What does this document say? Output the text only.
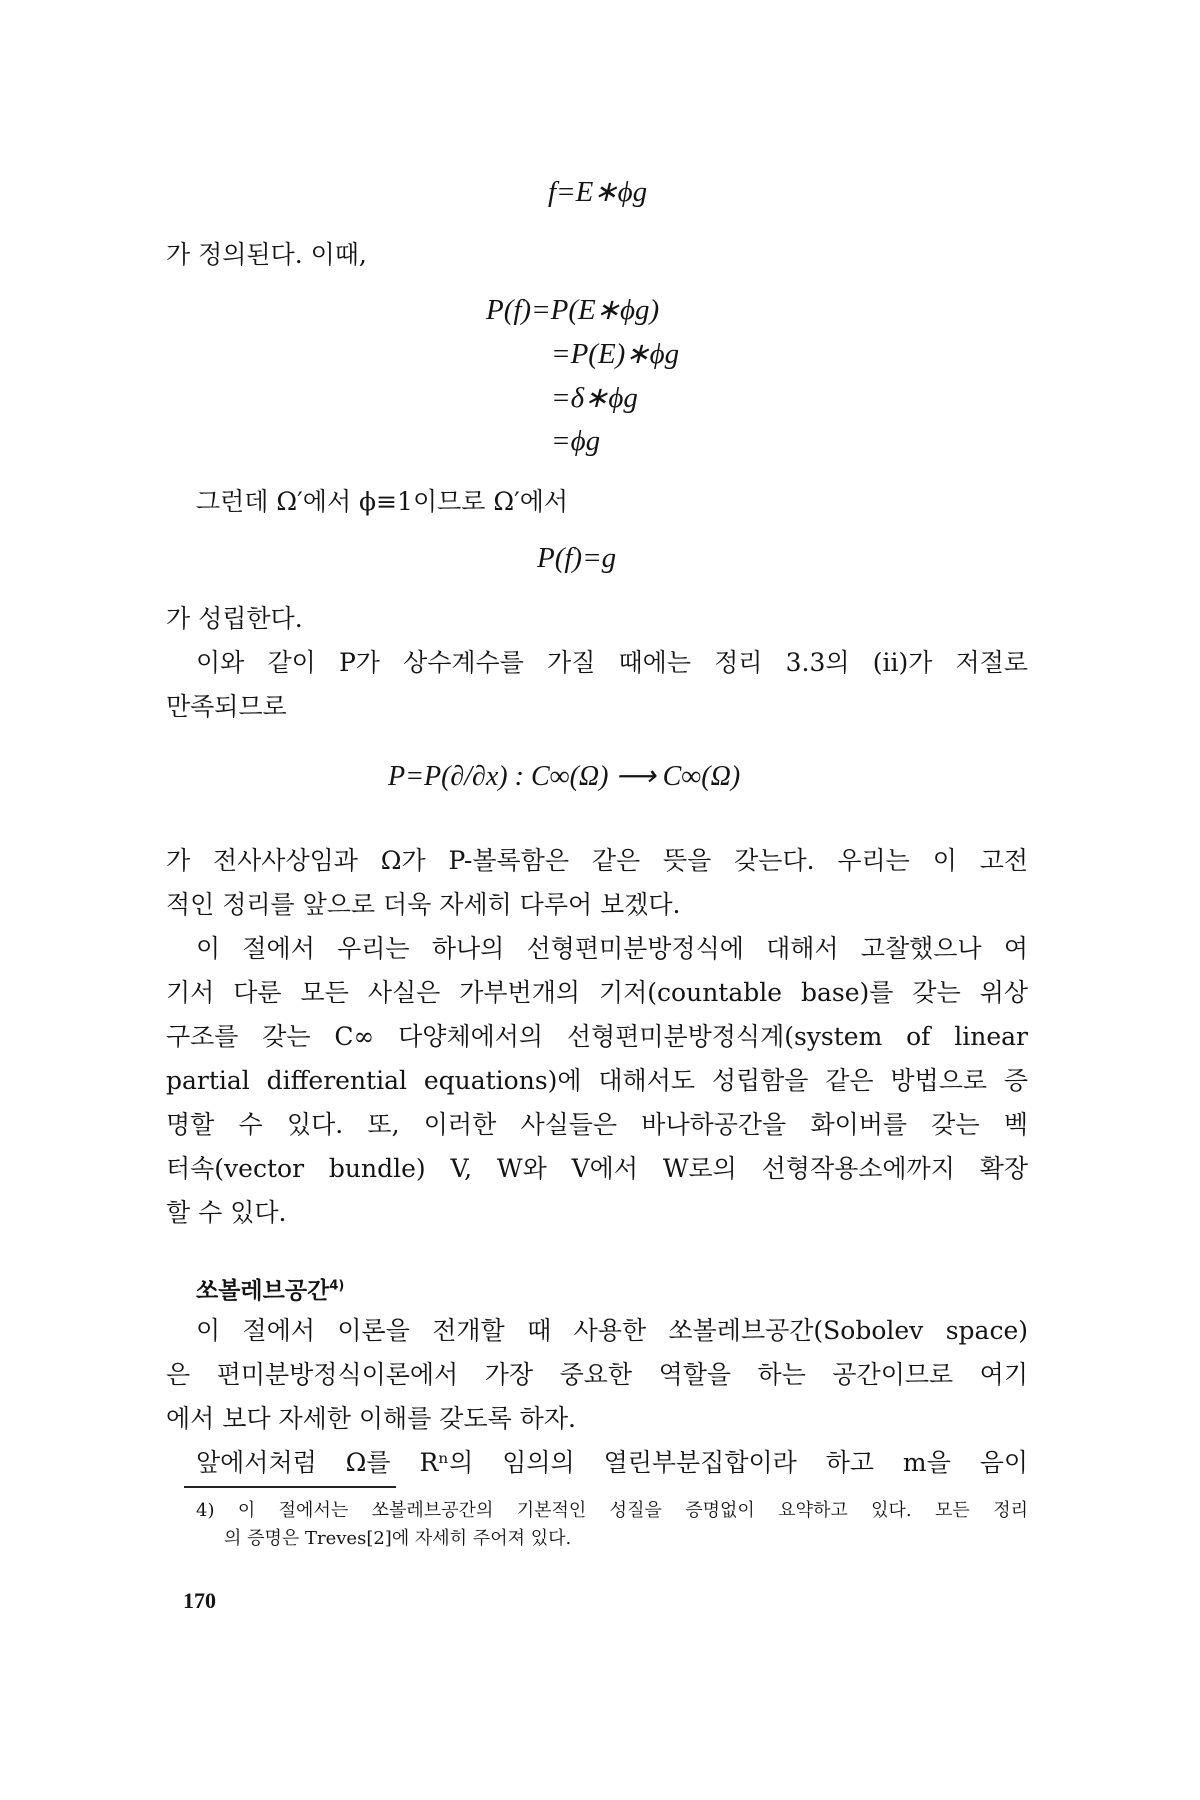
f=E∗ϕg
가 정의된다. 이때,
P(f)=P(E∗ϕg)
=P(E)∗ϕg
=δ∗ϕg
=ϕg
그런데 Ω′에서 ϕ≡1이므로 Ω′에서
P(f)=g
가 성립한다.
이와 같이 P가 상수계수를 가질 때에는 정리 3.3의 (ii)가 저절로
만족되므로
P=P(∂/∂x) : C∞(Ω) ⟶ C∞(Ω)
가 전사사상임과 Ω가 P-볼록함은 같은 뜻을 갖는다. 우리는 이 고전
적인 정리를 앞으로 더욱 자세히 다루어 보겠다.
이 절에서 우리는 하나의 선형편미분방정식에 대해서 고찰했으나 여
기서 다룬 모든 사실은 가부번개의 기저(countable base)를 갖는 위상
구조를 갖는 C∞ 다양체에서의 선형편미분방정식계(system of linear
partial differential equations)에 대해서도 성립함을 같은 방법으로 증
명할 수 있다. 또, 이러한 사실들은 바나하공간을 화이버를 갖는 벡
터속(vector bundle) V, W와 V에서 W로의 선형작용소에까지 확장
할 수 있다.
쏘볼레브공간$^{4)}$
이 절에서 이론을 전개할 때 사용한 쏘볼레브공간(Sobolev space)
은 편미분방정식이론에서 가장 중요한 역할을 하는 공간이므로 여기
에서 보다 자세한 이해를 갖도록 하자.
앞에서처럼 Ω를 Rⁿ의 임의의 열린부분집합이라 하고 m을 음이
4) 이 절에서는 쏘볼레브공간의 기본적인 성질을 증명없이 요약하고 있다. 모든 정리
의 증명은 Treves[2]에 자세히 주어져 있다.
170
